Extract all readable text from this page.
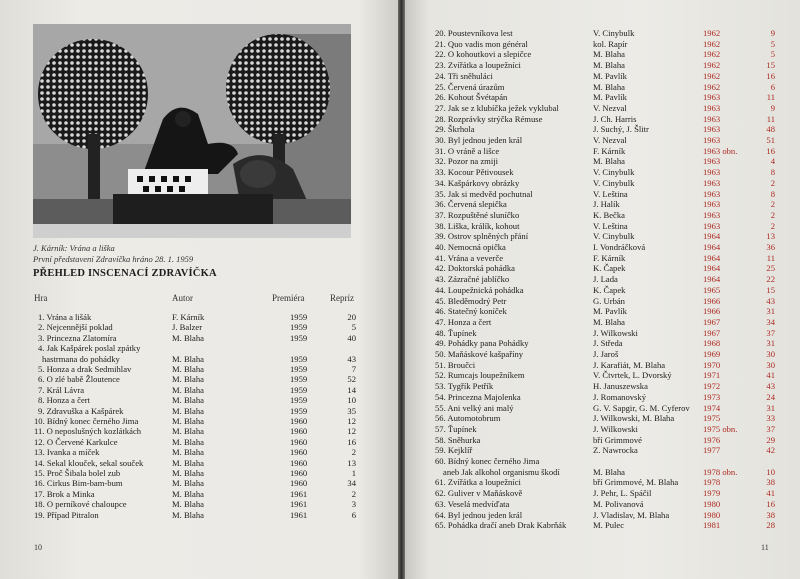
J. Kárník: Vrána a liška
První představení Zdravíčka hráno 28. 1. 1959
PŘEHLED INSCENACÍ ZDRAVÍČKA
Hra	Autor	Premiéra	Repríz
1. Vrána a lišák	F. Kárník	1959	20
2. Nejcennější poklad	J. Balzer	1959	5
3. Princezna Zlatomíra	M. Blaha	1959	40
4. Jak Kašpárek poslal zpátky
hastrmana do pohádky	M. Blaha	1959	43
5. Honza a drak Sedmihlav	M. Blaha	1959	7
6. O zlé babě Žloutence	M. Blaha	1959	52
7. Král Lávra	M. Blaha	1959	14
8. Honza a čert	M. Blaha	1959	10
9. Zdravuška a Kašpárek	M. Blaha	1959	35
10. Bídný konec černého Jima	M. Blaha	1960	12
11. O neposlušných kozlátkách	M. Blaha	1960	12
12. O Červené Karkulce	M. Blaha	1960	16
13. Ivanka a míček	M. Blaha	1960	2
14. Sekal klouček, sekal souček	M. Blaha	1960	13
15. Proč Šibala bolel zub	M. Blaha	1960	1
16. Cirkus Bim-bam-bum	M. Blaha	1960	34
17. Brok a Minka	M. Blaha	1961	2
18. O perníkové chaloupce	M. Blaha	1961	3
19. Případ Pitralon	M. Blaha	1961	6
10
20. Poustevníkova lest	V. Cinybulk	1962	9
21. Quo vadis mon général	kol. Rapír	1962	5
22. O kohoutkovi a slepičce	M. Blaha	1962	5
23. Zvířátka a loupežníci	M. Blaha	1962	15
24. Tři sněhuláci	M. Pavlík	1962	16
25. Červená úrazům	M. Blaha	1962	6
26. Kohout Švétapán	M. Pavlík	1963	11
27. Jak se z klubíčka ježek vyklubal	V. Nezval	1963	9
28. Rozprávky strýčka Rémuse	J. Ch. Harris	1963	11
29. Škrhola	J. Suchý, J. Šlitr	1963	48
30. Byl jednou jeden král	V. Nezval	1963	51
31. O vráně a lišce	F. Kárník	1963 obn.	16
32. Pozor na zmiji	M. Blaha	1963	4
33. Kocour Pětivousek	V. Cinybulk	1963	8
34. Kašpárkovy obrázky	V. Cinybulk	1963	2
35. Jak si medvěd pochutnal	V. Leština	1963	8
36. Červená slepička	J. Halík	1963	2
37. Rozpuštěné sluníčko	K. Bečka	1963	2
38. Liška, králík, kohout	V. Leština	1963	2
39. Ostrov splněných přání	V. Cinybulk	1964	13
40. Nemocná opička	I. Vondráčková	1964	36
41. Vrána a veverče	F. Kárník	1964	11
42. Doktorská pohádka	K. Čapek	1964	25
43. Zázračné jablíčko	J. Lada	1964	22
44. Loupežnická pohádka	K. Čapek	1965	15
45. Bleděmodrý Petr	G. Urbán	1966	43
46. Statečný koníček	M. Pavlík	1966	31
47. Honza a čert	M. Blaha	1967	34
48. Ťupínek	J. Wilkowski	1967	37
49. Pohádky pana Pohádky	J. Středa	1968	31
50. Maňáskové kašpaříny	J. Jaroš	1969	30
51. Broučci	J. Karafiát, M. Blaha	1970	30
52. Rumcajs loupežníkem	V. Čtvrtek, L. Dvorský	1971	41
53. Tygřík Petřík	H. Januszewska	1972	43
54. Princezna Majolenka	J. Romanovský	1973	24
55. Ani velký ani malý	G. V. Sapgir, G. M. Cyferov 1974	31
56. Automotobrum	J. Wilkowski, M. Blaha	1975	33
57. Ťupínek	J. Wilkowski	1975 obn.	37
58. Sněhurka	bří Grimmové	1976	29
59. Kejklíř	Z. Nawrocka	1977	42
60. Bídný konec černého Jima
aneb Jak alkohol organismu škodí	M. Blaha	1978 obn.	10
61. Zvířátka a loupežníci	bří Grimmové, M. Blaha	1978	38
62. Guliver v Maňáskově	J. Pehr, L. Spáčil	1979	41
63. Veselá medvíďata	M. Polivanová	1980	16
64. Byl jednou jeden král	J. Vladislav, M. Blaha	1980	38
65. Pohádka dračí aneb Drak Kabrňák	M. Pulec	1981	28
11
